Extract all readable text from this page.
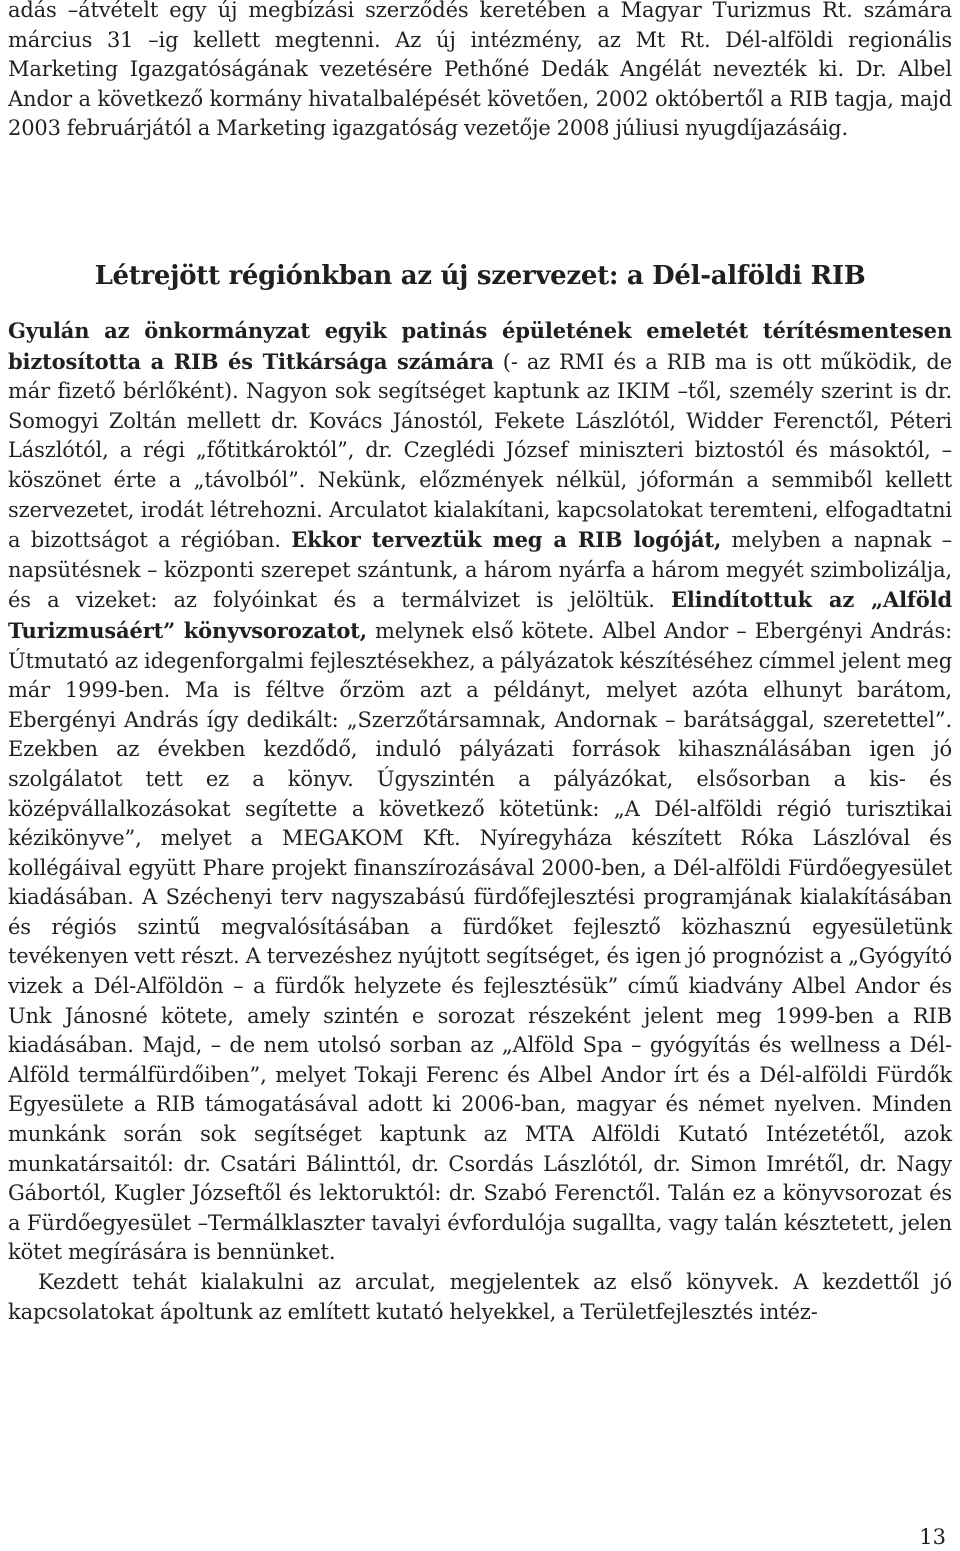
adás –átvételt egy új megbízási szerződés keretében a Magyar Turizmus Rt. számára március 31 –ig kellett megtenni. Az új intézmény, az Mt Rt. Dél-alföldi regionális Marketing Igazgatóságának vezetésére Pethőné Dedák Angélát nevezték ki. Dr. Albel Andor a következő kormány hivatalbalépését követően, 2002 októbertől a RIB tagja, majd 2003 februárjától a Marketing igazgatóság vezetője 2008 júliusi nyugdíjazásáig.

Létrejött régiónkban az új szervezet: a Dél-alföldi RIB

Gyulán az önkormányzat egyik patinás épületének emeletét térítésmentesen biztosította a RIB és Titkársága számára (- az RMI és a RIB ma is ott működik, de már fizető bérlőként). Nagyon sok segítséget kaptunk az IKIM –től, személy szerint is dr. Somogyi Zoltán mellett dr. Kovács Jánostól, Fekete Lászlótól, Widder Ferenctől, Péteri Lászlótól, a régi „főtitkároktól”, dr. Czeglédi József miniszteri biztostól és másoktól, – köszönet érte a „távolból”. Nekünk, előzmények nélkül, jóformán a semmiből kellett szervezetet, irodát létrehozni. Arculatot kialakítani, kapcsolatokat teremteni, elfogadtatni a bizottságot a régióban. Ekkor terveztük meg a RIB logóját, melyben a napnak – napsütésnek – központi szerepet szántunk, a három nyárfa a három megyét szimbolizálja, és a vizeket: az folyóinkat és a termálvizet is jelöltük. Elindítottuk az „Alföld Turizmusáért” könyvsorozatot, melynek első kötete. Albel Andor – Ebergényi András: Útmutató az idegenforgalmi fejlesztésekhez, a pályázatok készítéséhez címmel jelent meg már 1999-ben. Ma is féltve őrzöm azt a példányt, melyet azóta elhunyt barátom, Ebergényi András így dedikált: „Szerzőtársamnak, Andornak – barátsággal, szeretettel”. Ezekben az években kezdődő, induló pályázati források kihasználásában igen jó szolgálatot tett ez a könyv. Úgyszintén a pályázókat, elsősorban a kis- és középvállalkozásokat segítette a következő kötetünk: „A Dél-alföldi régió turisztikai kézikönyve”, melyet a MEGAKOM Kft. Nyíregyháza készített Róka Lászlóval és kollégáival együtt Phare projekt finanszírozásával 2000-ben, a Dél-alföldi Fürdőegyesület kiadásában. A Széchenyi terv nagyszabású fürdőfejlesztési programjának kialakításában és régiós szintű megvalósításában a fürdőket fejlesztő közhasznú egyesületünk tevékenyen vett részt. A tervezéshez nyújtott segítséget, és igen jó prognózist a „Gyógyító vizek a Dél-Alföldön – a fürdők helyzete és fejlesztésük” című kiadvány Albel Andor és Unk Jánosné kötete, amely szintén e sorozat részeként jelent meg 1999-ben a RIB kiadásában. Majd, – de nem utolsó sorban az „Alföld Spa – gyógyítás és wellness a Dél-Alföld termálfürdőiben”, melyet Tokaji Ferenc és Albel Andor írt és a Dél-alföldi Fürdők Egyesülete a RIB támogatásával adott ki 2006-ban, magyar és német nyelven. Minden munkánk során sok segítséget kaptunk az MTA Alföldi Kutató Intézetétől, azok munkatársaitól: dr. Csatári Bálinttól, dr. Csordás Lászlótól, dr. Simon Imrétől, dr. Nagy Gábortól, Kugler Józseftől és lektoruktól: dr. Szabó Ferenctől. Talán ez a könyvsorozat és a Fürdőegyesület –Termálklaszter tavalyi évfordulója sugallta, vagy talán késztetett, jelen kötet megírására is bennünket.

Kezdett tehát kialakulni az arculat, megjelentek az első könyvek. A kezdettől jó kapcsolatokat ápoltunk az említett kutató helyekkel, a Területfejlesztés intéz-

13
